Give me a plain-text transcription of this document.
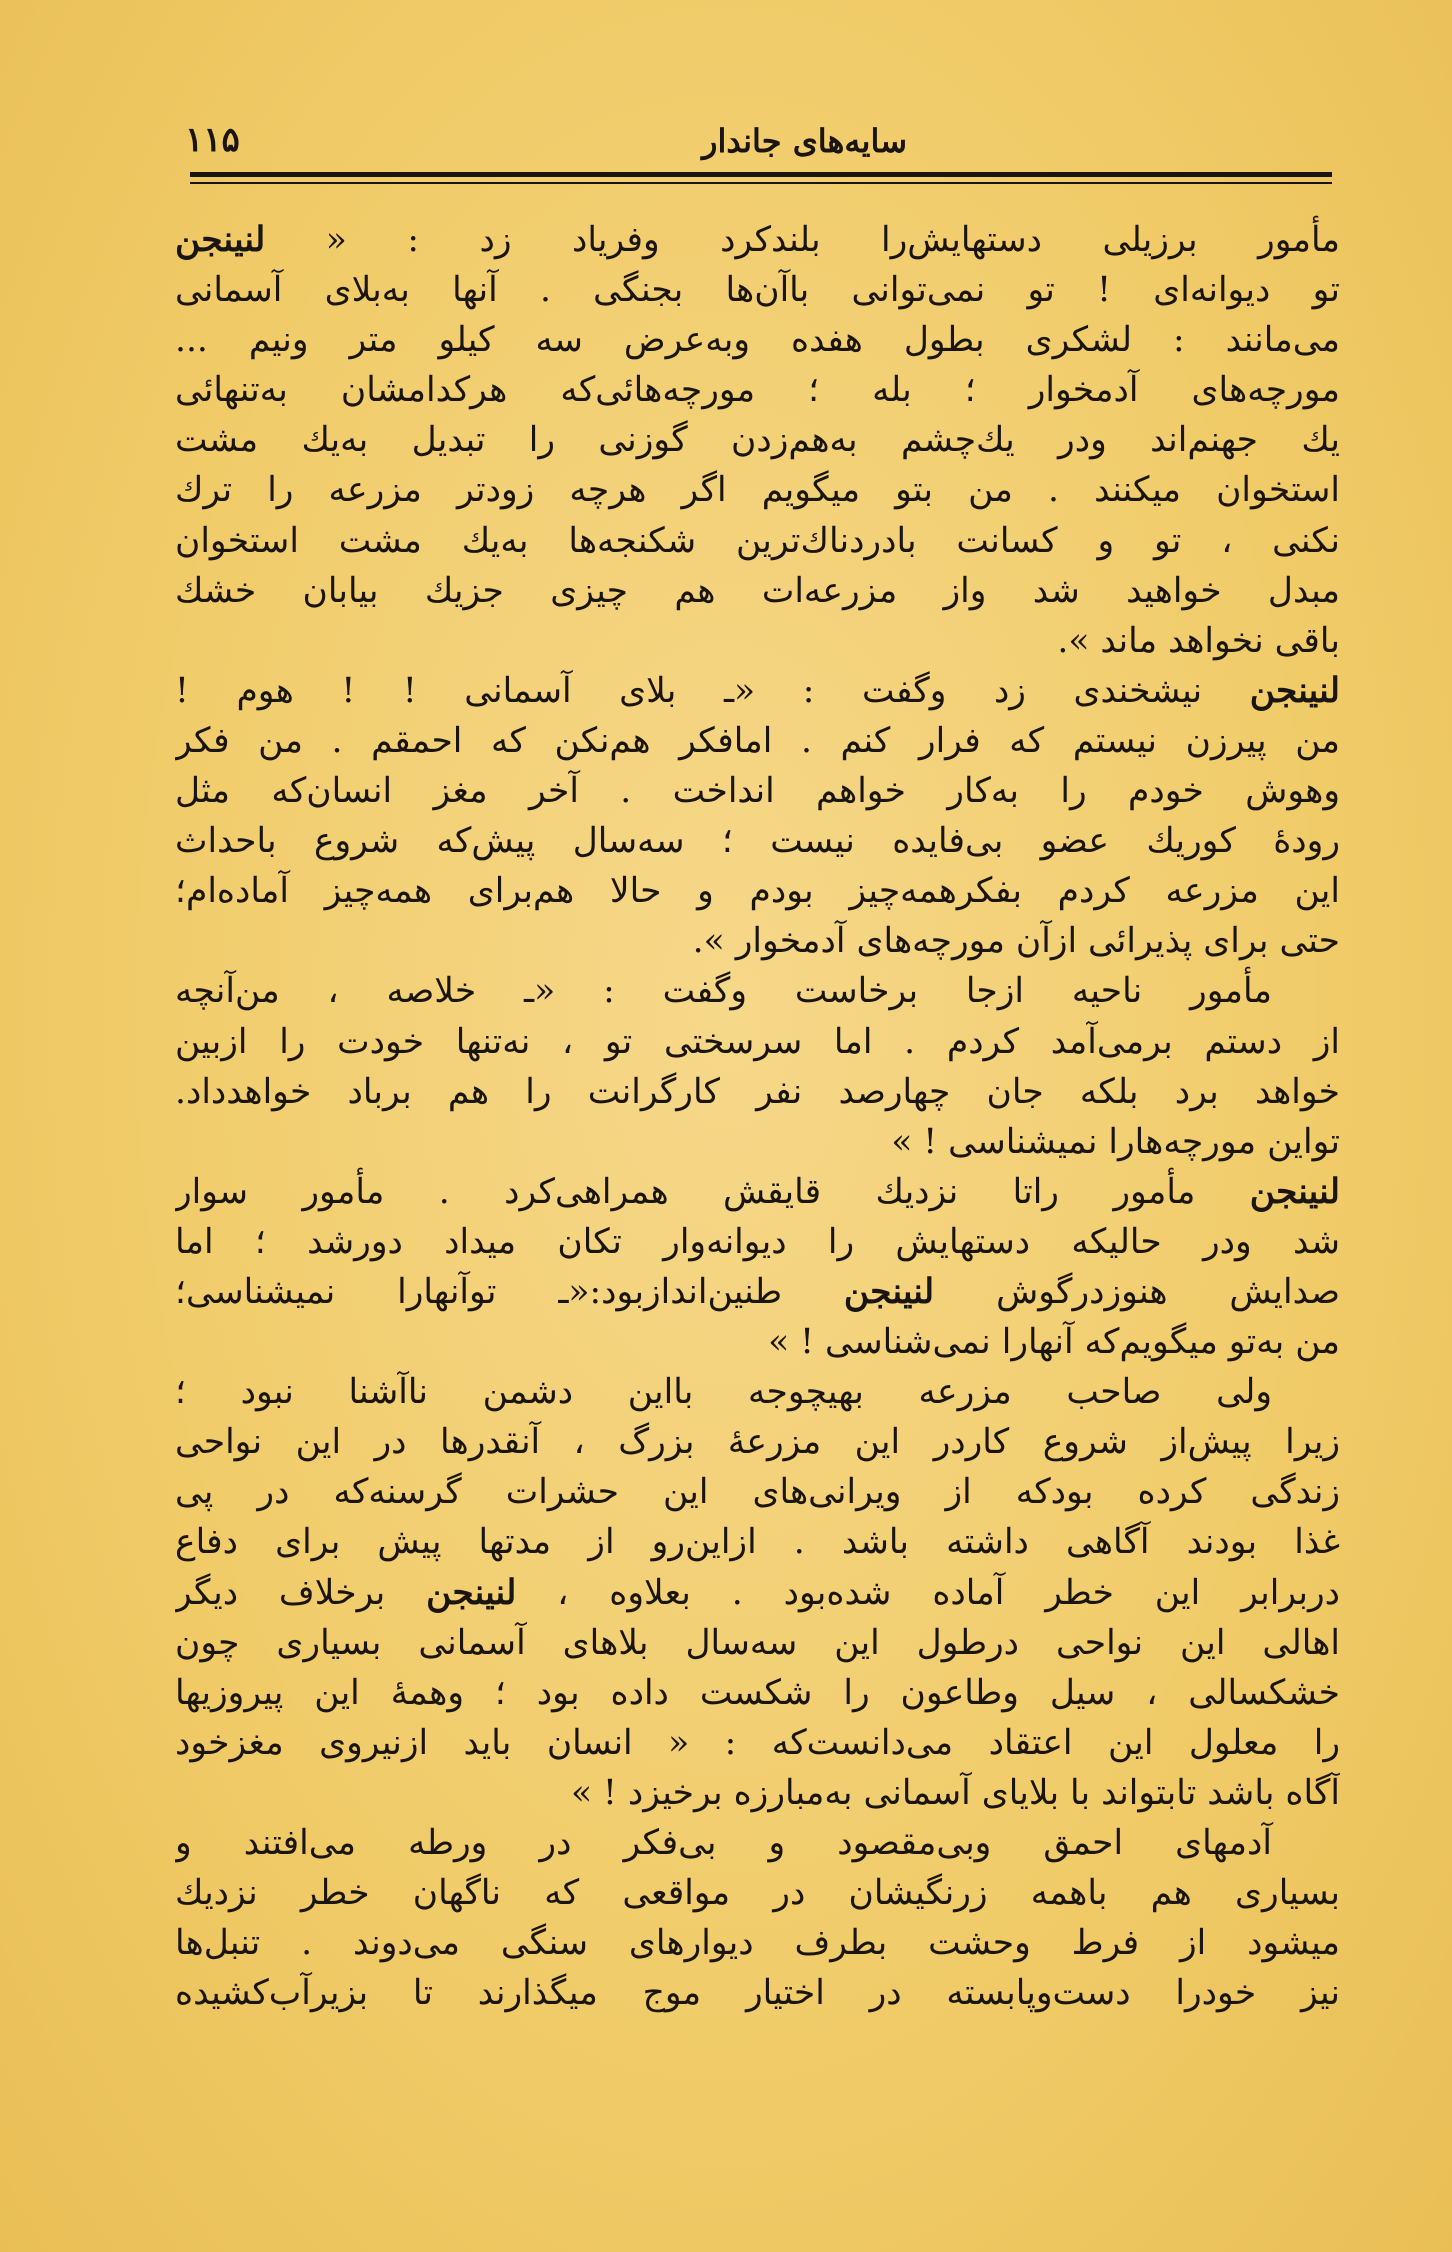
سایه‌های جاندار
۱۱۵
مأمور برزیلی دستهایش‌را بلندکرد وفریاد زد : « لنینجن
تو دیوانه‌ای ! تو نمی‌توانی باآن‌ها بجنگی . آنها به‌بلای آسمانی
می‌مانند : لشکری بطول هفده وبه‌عرض سه کیلو متر ونیم ...
مورچه‌های آدمخوار ؛ بله ؛ مورچه‌هائی‌که هرکدامشان به‌تنهائی
یك جهنم‌اند ودر یك‌چشم به‌هم‌زدن گوزنی را تبدیل به‌یك مشت
استخوان میکنند . من بتو میگویم اگر هرچه زودتر مزرعه را ترك
نکنی ، تو و کسانت بادردناك‌ترین شکنجه‌ها به‌یك مشت استخوان
مبدل خواهید شد واز مزرعه‌ات هم چیزی جزیك بیابان خشك
باقی نخواهد ماند ».
لنینجن نیشخندی زد وگفت : «ـ بلای آسمانی ! ! هوم !
من پیرزن نیستم که فرار کنم . امافکر هم‌نکن که احمقم . من فکر
وهوش خودم را به‌کار خواهم انداخت . آخر مغز انسان‌که مثل
رودهٔ کوریك عضو بی‌فایده نیست ؛ سه‌سال پیش‌که شروع باحداث
این مزرعه کردم بفکرهمه‌چیز بودم و حالا هم‌برای همه‌چیز آماده‌ام؛
حتی برای پذیرائی ازآن مورچه‌های آدمخوار ».
مأمور ناحیه ازجا برخاست وگفت : «ـ خلاصه ، من‌آنچه
از دستم برمی‌آمد کردم . اما سرسختی تو ، نه‌تنها خودت را ازبین
خواهد برد بلکه جان چهارصد نفر کارگرانت را هم برباد خواهدداد.
تواین مورچه‌هارا نمیشناسی ! »
لنینجن مأمور راتا نزدیك قایقش همراهی‌کرد . مأمور سوار
شد ودر حالیکه دستهایش را دیوانه‌وار تکان میداد دورشد ؛ اما
صدایش هنوزدرگوش لنینجن طنین‌اندازبود:«ـ توآنهارا نمیشناسی؛
من به‌تو میگویم‌که آنهارا نمی‌شناسی ! »
ولی صاحب مزرعه بهیچوجه بااین دشمن ناآشنا نبود ؛
زیرا پیش‌از شروع کاردر این مزرعهٔ بزرگ ، آنقدرها در این نواحی
زندگی کرده بودکه از ویرانی‌های این حشرات گرسنه‌که در پی
غذا بودند آگاهی داشته باشد . ازاین‌رو از مدتها پیش برای دفاع
دربرابر این خطر آماده شده‌بود . بعلاوه ، لنینجن برخلاف دیگر
اهالی این نواحی درطول این سه‌سال بلاهای آسمانی بسیاری چون
خشکسالی ، سیل وطاعون را شکست داده بود ؛ وهمهٔ این پیروزیها
را معلول این اعتقاد می‌دانست‌که : « انسان باید ازنیروی مغزخود
آگاه باشد تابتواند با بلایای آسمانی به‌مبارزه برخیزد ! »
آدمهای احمق وبی‌مقصود و بی‌فکر در ورطه می‌افتند و
بسیاری هم باهمه زرنگیشان در مواقعی که ناگهان خطر نزدیك
میشود از فرط وحشت بطرف دیوارهای سنگی می‌دوند . تنبل‌ها
نیز خودرا دست‌وپابسته در اختیار موج میگذارند تا بزیرآب‌کشیده
